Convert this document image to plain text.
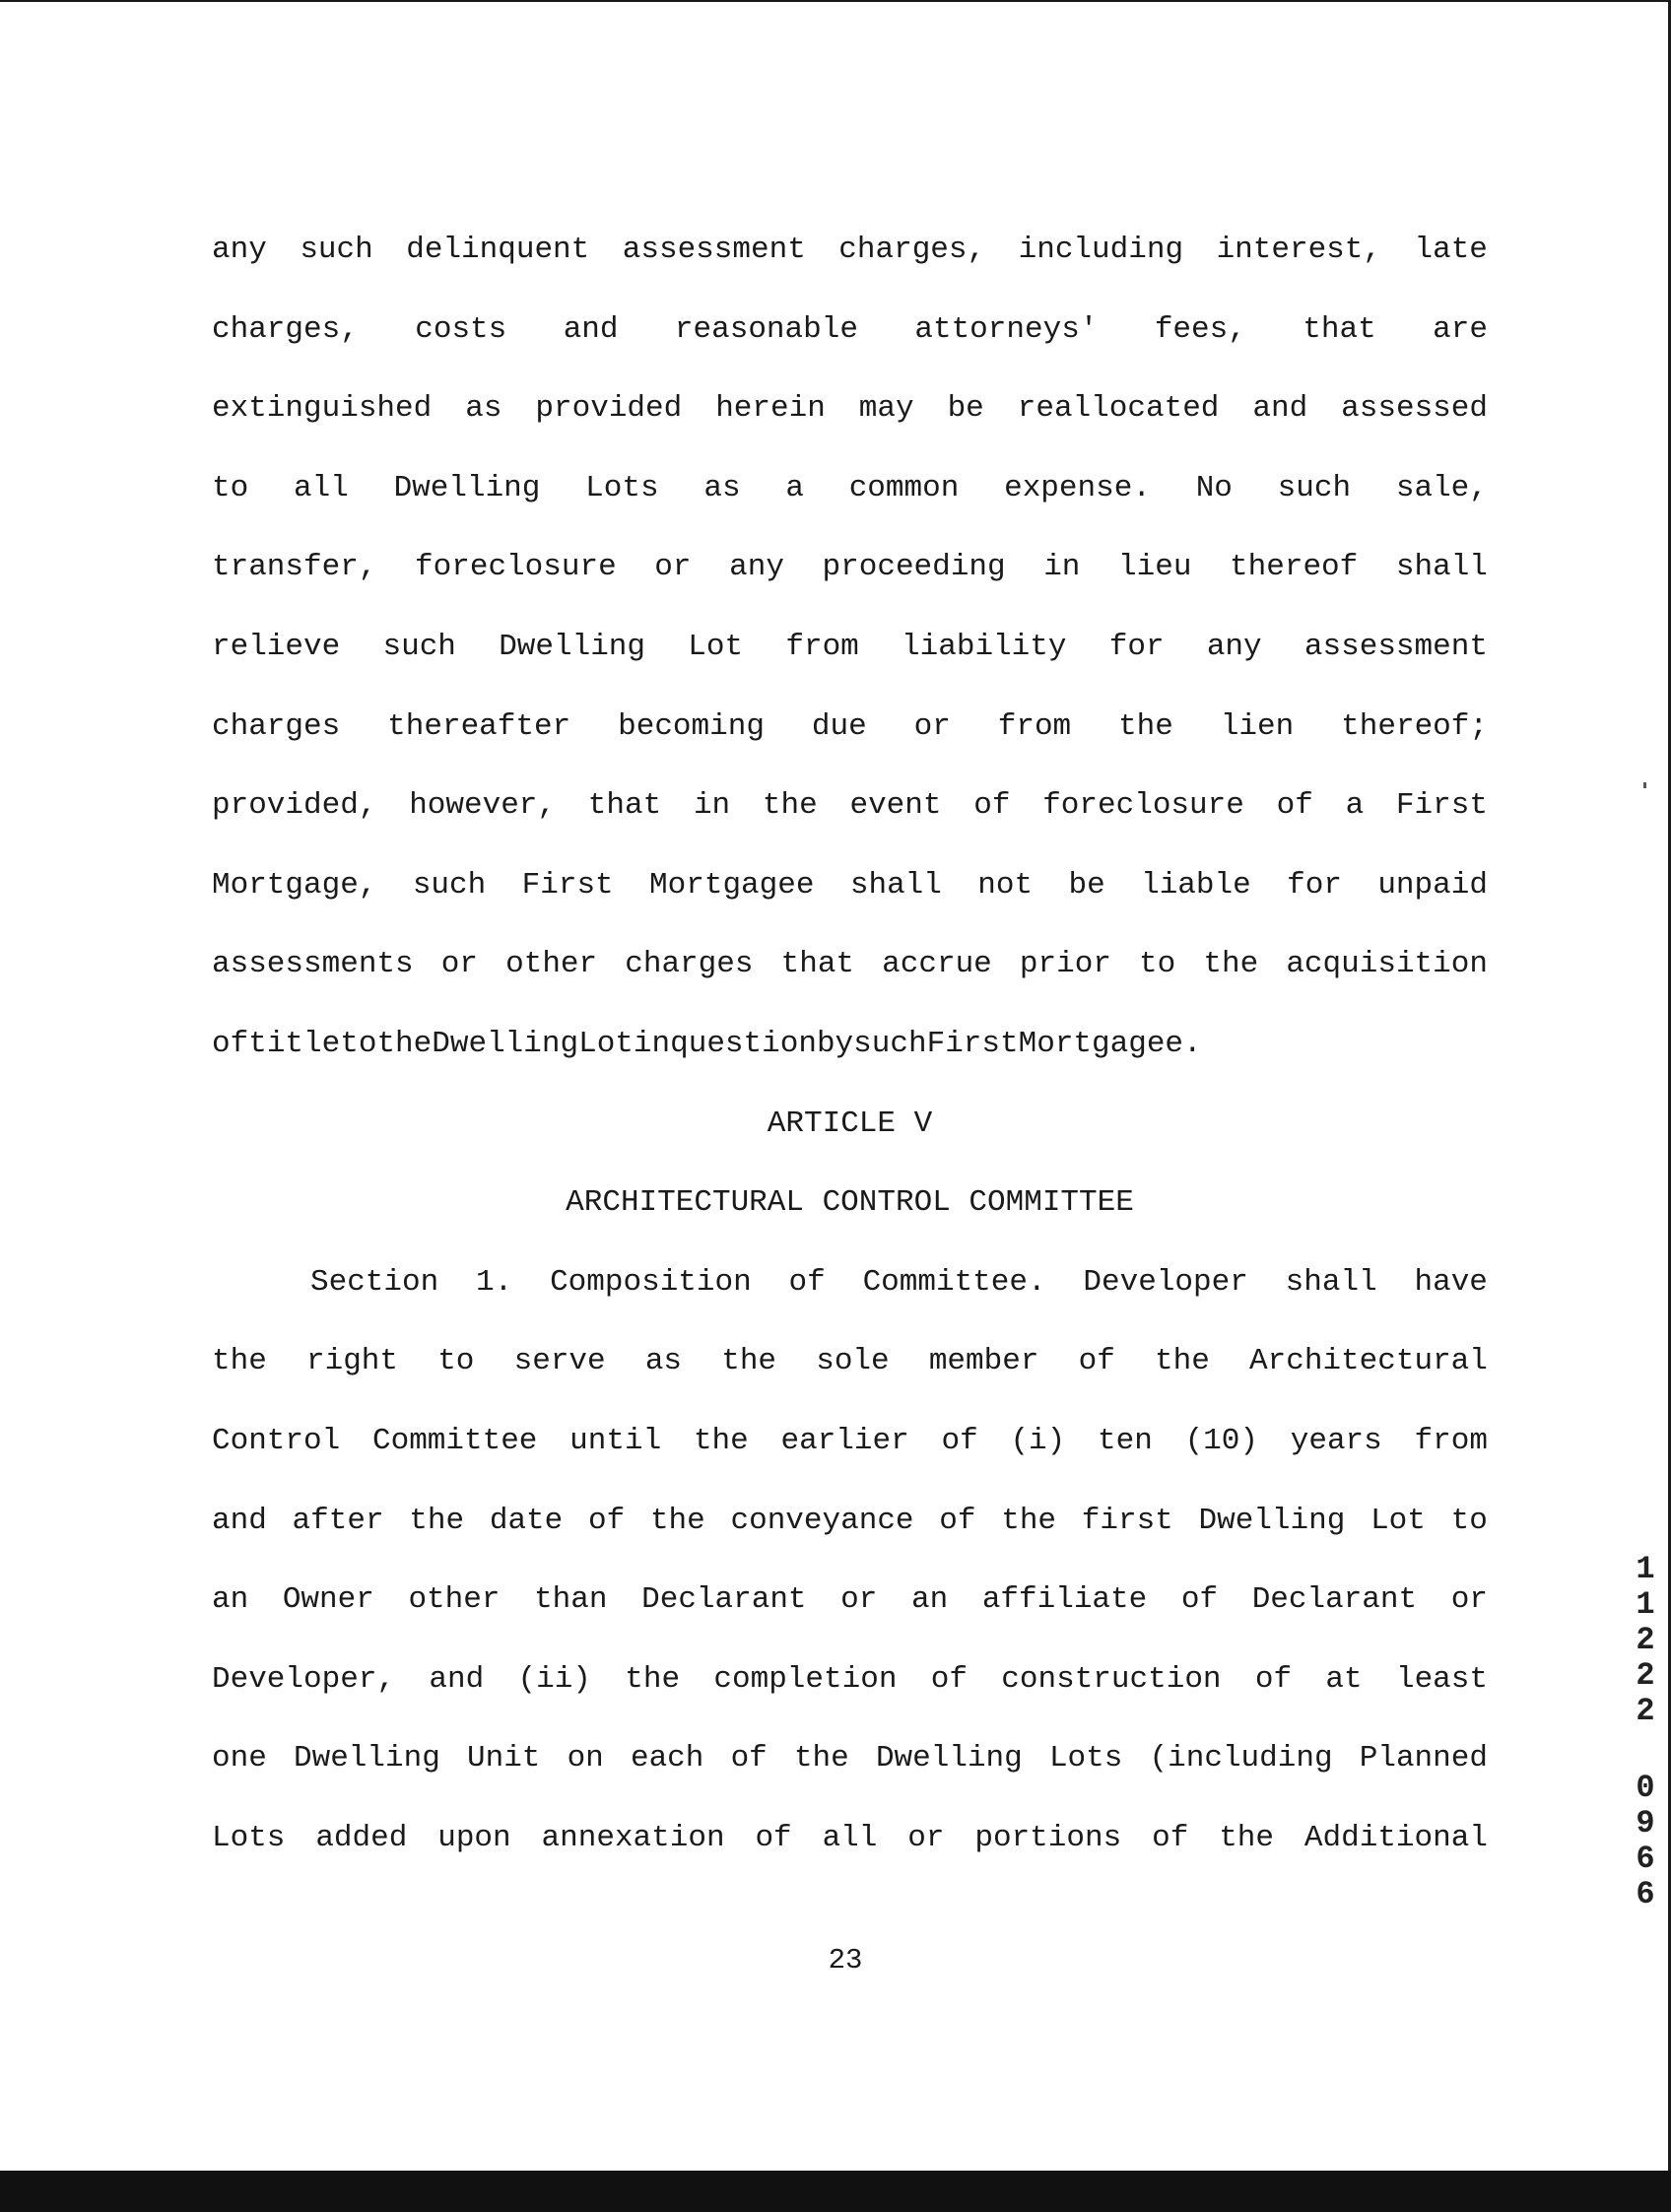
any such delinquent assessment charges, including interest, late
charges, costs and reasonable attorneys' fees, that are
extinguished as provided herein may be reallocated and assessed
to all Dwelling Lots as a common expense. No such sale,
transfer, foreclosure or any proceeding in lieu thereof shall
relieve such Dwelling Lot from liability for any assessment
charges thereafter becoming due or from the lien thereof;
provided, however, that in the event of foreclosure of a First
Mortgage, such First Mortgagee shall not be liable for unpaid
assessments or other charges that accrue prior to the acquisition
of title to the Dwelling Lot in question by such First Mortgagee.
ARTICLE V
ARCHITECTURAL CONTROL COMMITTEE
Section 1. Composition of Committee. Developer shall have
the right to serve as the sole member of the Architectural
Control Committee until the earlier of (i) ten (10) years from
and after the date of the conveyance of the first Dwelling Lot to
an Owner other than Declarant or an affiliate of Declarant or
Developer, and (ii) the completion of construction of at least
one Dwelling Unit on each of the Dwelling Lots (including Planned
Lots added upon annexation of all or portions of the Additional
23
1
1
2
2
2
0
9
6
6
